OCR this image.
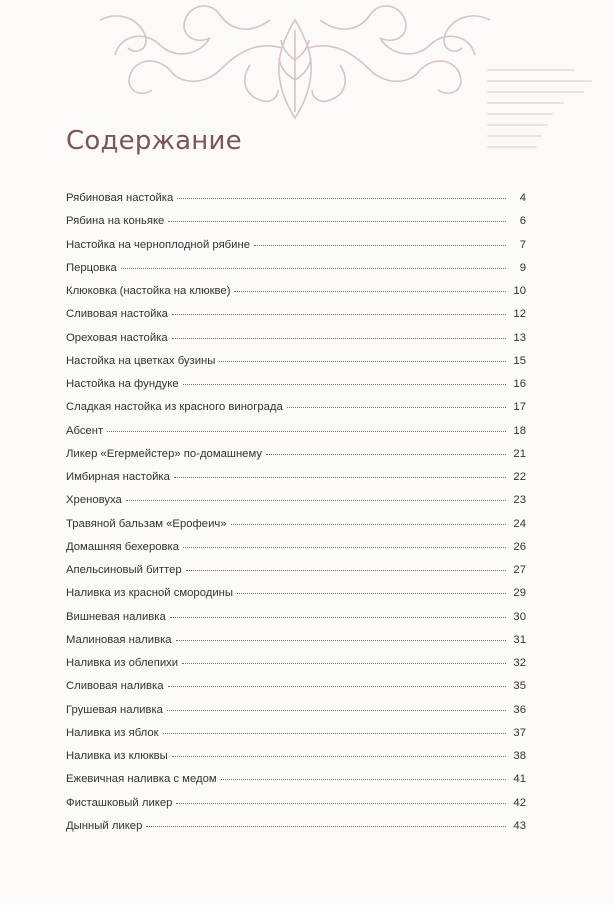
Содержание
Рябиновая настойка	4
Рябина на коньяке	6
Настойка на черноплодной рябине	7
Перцовка	9
Клюковка (настойка на клюкве)	10
Сливовая настойка	12
Ореховая настойка	13
Настойка на цветках бузины	15
Настойка на фундуке	16
Сладкая настойка из красного винограда	17
Абсент	18
Ликер «Егермейстер» по-домашнему	21
Имбирная настойка	22
Хреновуха	23
Травяной бальзам «Ерофеич»	24
Домашняя бехеровка	26
Апельсиновый биттер	27
Наливка из красной смородины	29
Вишневая наливка	30
Малиновая наливка	31
Наливка из облепихи	32
Сливовая наливка	35
Грушевая наливка	36
Наливка из яблок	37
Наливка из клюквы	38
Ежевичная наливка с медом	41
Фисташковый ликер	42
Дынный ликер	43
